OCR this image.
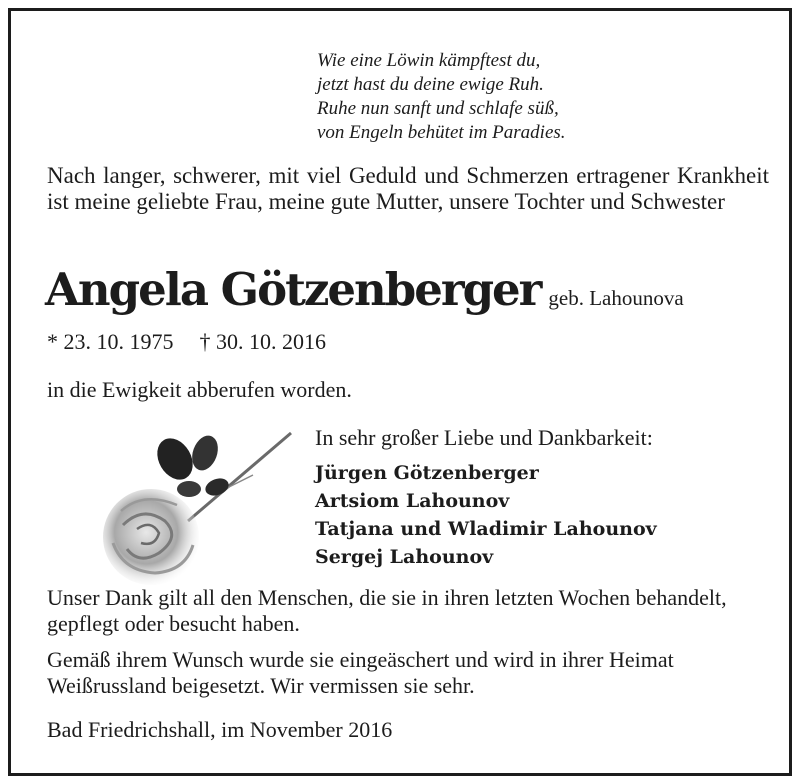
Wie eine Löwin kämpftest du,
jetzt hast du deine ewige Ruh.
Ruhe nun sanft und schlafe süß,
von Engeln behütet im Paradies.
Nach langer, schwerer, mit viel Geduld und Schmerzen ertragener Krankheit ist meine geliebte Frau, meine gute Mutter, unsere Tochter und Schwester
Angela Götzenberger geb. Lahounova
* 23. 10. 1975 † 30. 10. 2016
in die Ewigkeit abberufen worden.
In sehr großer Liebe und Dankbarkeit:
Jürgen Götzenberger
Artsiom Lahounov
Tatjana und Wladimir Lahounov
Sergej Lahounov
Unser Dank gilt all den Menschen, die sie in ihren letzten Wochen behandelt, gepflegt oder besucht haben.
Gemäß ihrem Wunsch wurde sie eingeäschert und wird in ihrer Heimat Weißrussland beigesetzt. Wir vermissen sie sehr.
Bad Friedrichshall, im November 2016
